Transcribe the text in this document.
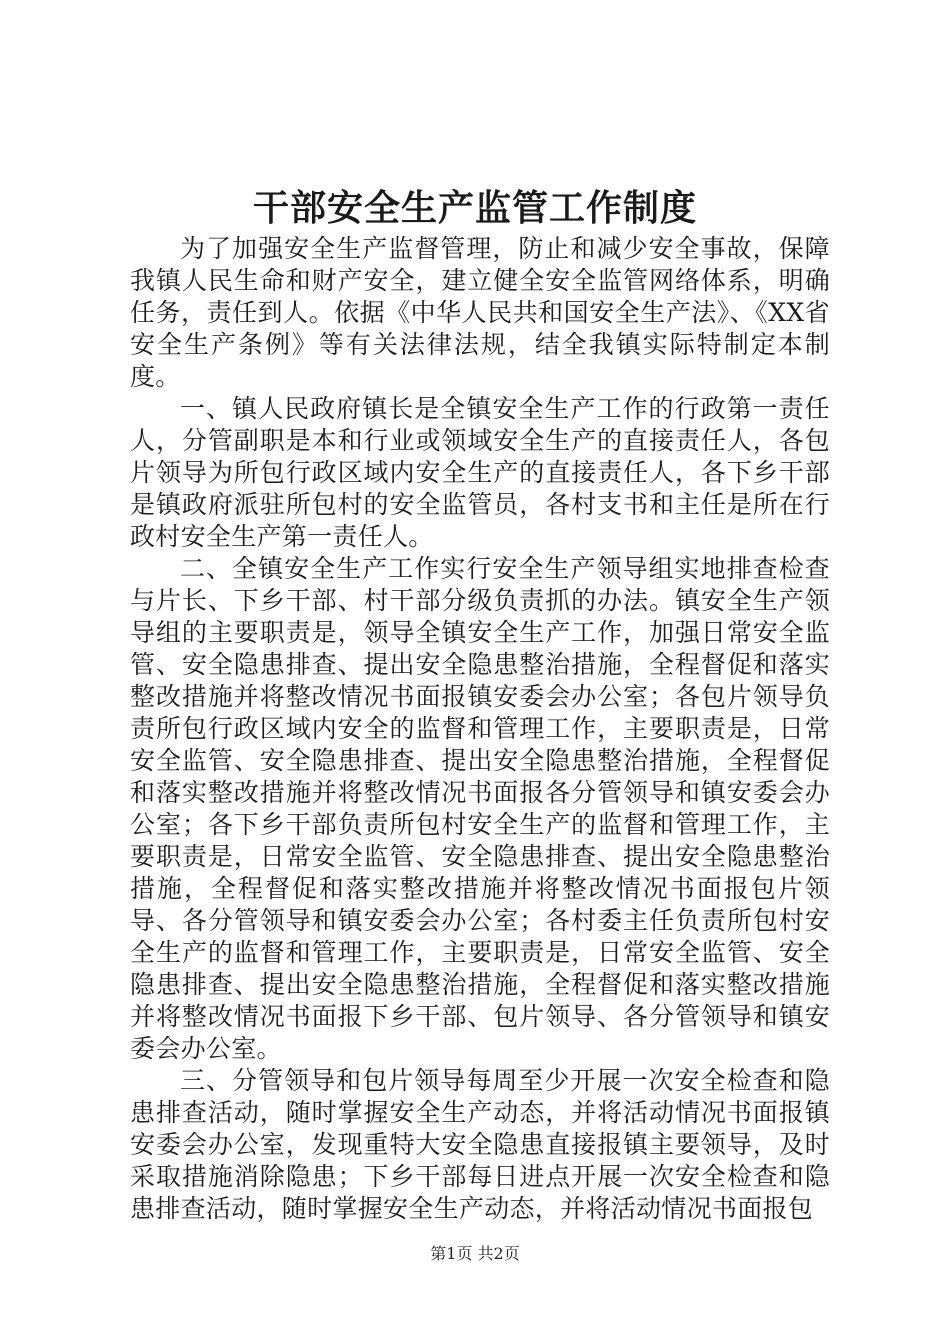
干部安全生产监管工作制度

为了加强安全生产监督管理，防止和减少安全事故，保障我镇人民生命和财产安全，建立健全安全监管网络体系，明确任务，责任到人。依据《中华人民共和国安全生产法》、《XX省安全生产条例》等有关法律法规，结全我镇实际特制定本制度。

一、镇人民政府镇长是全镇安全生产工作的行政第一责任人，分管副职是本和行业或领域安全生产的直接责任人，各包片领导为所包行政区域内安全生产的直接责任人，各下乡干部是镇政府派驻所包村的安全监管员，各村支书和主任是所在行政村安全生产第一责任人。

二、全镇安全生产工作实行安全生产领导组实地排查检查与片长、下乡干部、村干部分级负责抓的办法。镇安全生产领导组的主要职责是，领导全镇安全生产工作，加强日常安全监管、安全隐患排查、提出安全隐患整治措施，全程督促和落实整改措施并将整改情况书面报镇安委会办公室；各包片领导负责所包行政区域内安全的监督和管理工作，主要职责是，日常安全监管、安全隐患排查、提出安全隐患整治措施，全程督促和落实整改措施并将整改情况书面报各分管领导和镇安委会办公室；各下乡干部负责所包村安全生产的监督和管理工作，主要职责是，日常安全监管、安全隐患排查、提出安全隐患整治措施，全程督促和落实整改措施并将整改情况书面报包片领导、各分管领导和镇安委会办公室；各村委主任负责所包村安全生产的监督和管理工作，主要职责是，日常安全监管、安全隐患排查、提出安全隐患整治措施，全程督促和落实整改措施并将整改情况书面报下乡干部、包片领导、各分管领导和镇安委会办公室。

三、分管领导和包片领导每周至少开展一次安全检查和隐患排查活动，随时掌握安全生产动态，并将活动情况书面报镇安委会办公室，发现重特大安全隐患直接报镇主要领导，及时采取措施消除隐患；下乡干部每日进点开展一次安全检查和隐患排查活动，随时掌握安全生产动态，并将活动情况书面报包

第1页 共2页
